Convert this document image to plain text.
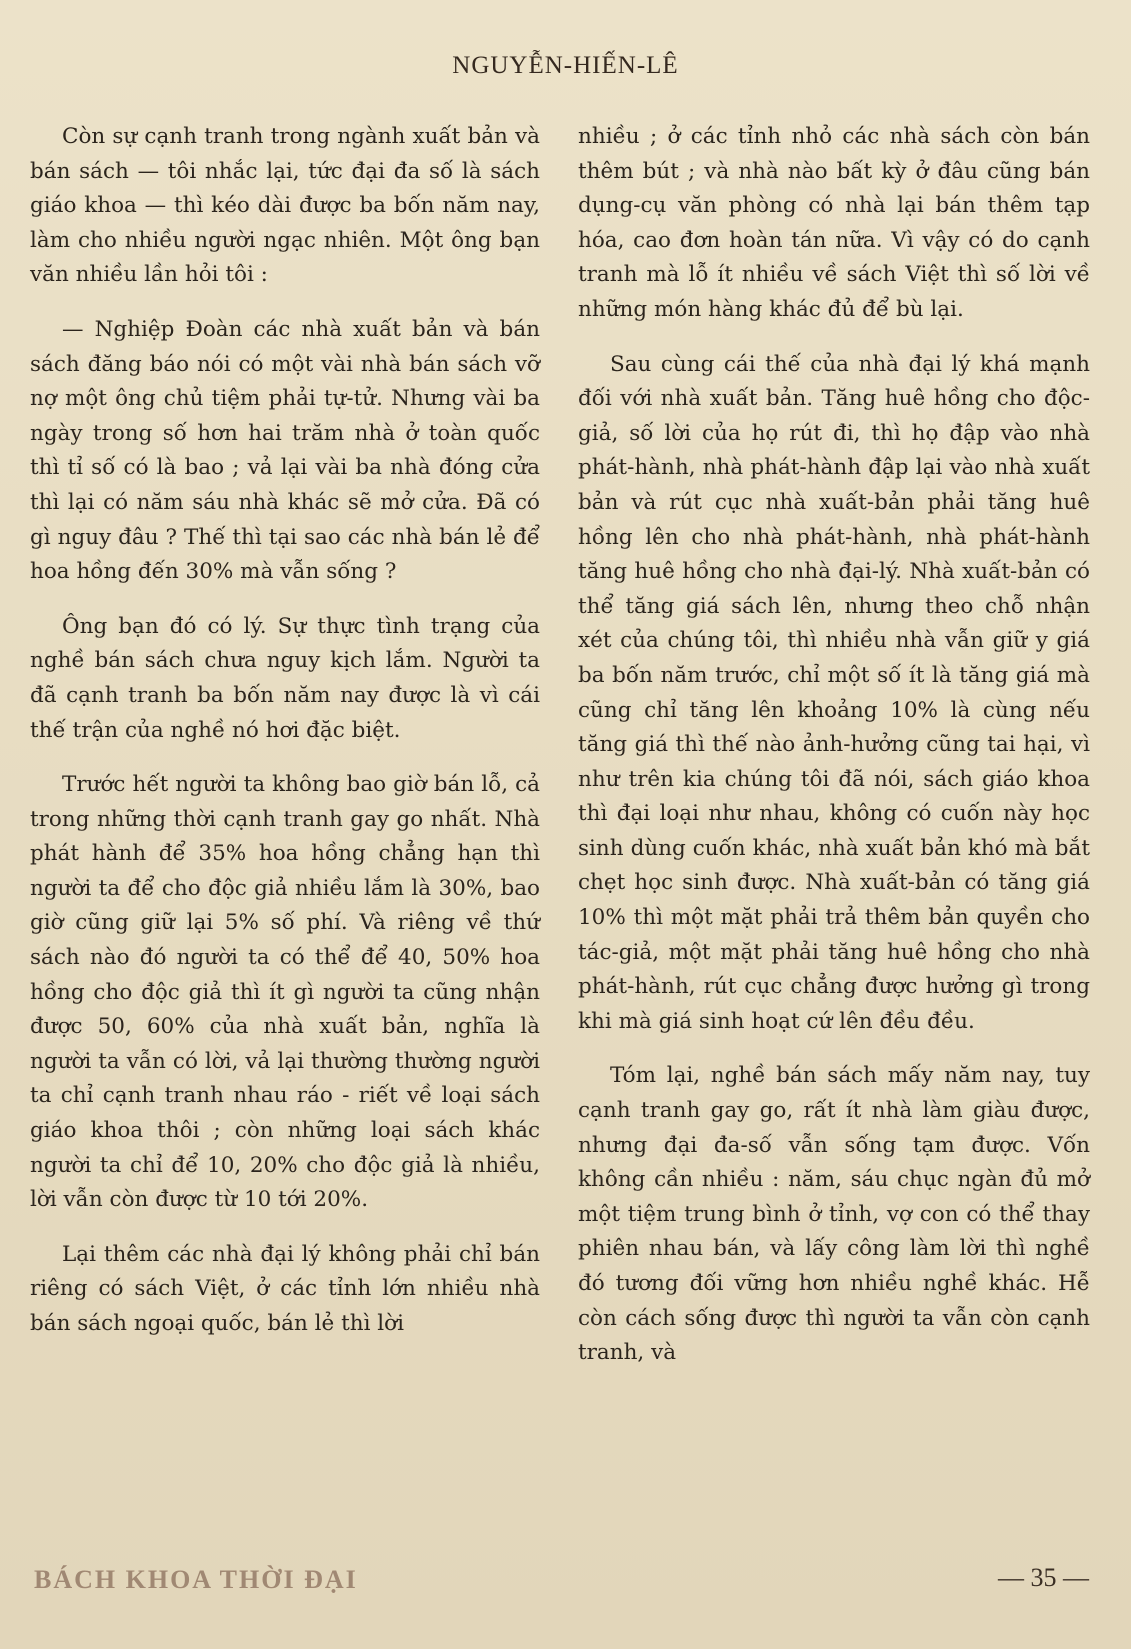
NGUYỄN-HIẾN-LÊ

Còn sự cạnh tranh trong ngành xuất bản và bán sách — tôi nhắc lại, tức đại đa số là sách giáo khoa — thì kéo dài được ba bốn năm nay, làm cho nhiều người ngạc nhiên. Một ông bạn văn nhiều lần hỏi tôi :

— Nghiệp Đoàn các nhà xuất bản và bán sách đăng báo nói có một vài nhà bán sách vỡ nợ một ông chủ tiệm phải tự-tử. Nhưng vài ba ngày trong số hơn hai trăm nhà ở toàn quốc thì tỉ số có là bao ; vả lại vài ba nhà đóng cửa thì lại có năm sáu nhà khác sẽ mở cửa. Đã có gì nguy đâu ? Thế thì tại sao các nhà bán lẻ để hoa hồng đến 30% mà vẫn sống ?

Ông bạn đó có lý. Sự thực tình trạng của nghề bán sách chưa nguy kịch lắm. Người ta đã cạnh tranh ba bốn năm nay được là vì cái thế trận của nghề nó hơi đặc biệt.

Trước hết người ta không bao giờ bán lỗ, cả trong những thời cạnh tranh gay go nhất. Nhà phát hành để 35% hoa hồng chẳng hạn thì người ta để cho độc giả nhiều lắm là 30%, bao giờ cũng giữ lại 5% số phí. Và riêng về thứ sách nào đó người ta có thể để 40, 50% hoa hồng cho độc giả thì ít gì người ta cũng nhận được 50, 60% của nhà xuất bản, nghĩa là người ta vẫn có lời, vả lại thường thường người ta chỉ cạnh tranh nhau ráo - riết về loại sách giáo khoa thôi ; còn những loại sách khác người ta chỉ để 10, 20% cho độc giả là nhiều, lời vẫn còn được từ 10 tới 20%.

Lại thêm các nhà đại lý không phải chỉ bán riêng có sách Việt, ở các tỉnh lớn nhiều nhà bán sách ngoại quốc, bán lẻ thì lời

nhiều ; ở các tỉnh nhỏ các nhà sách còn bán thêm bút ; và nhà nào bất kỳ ở đâu cũng bán dụng-cụ văn phòng có nhà lại bán thêm tạp hóa, cao đơn hoàn tán nữa. Vì vậy có do cạnh tranh mà lỗ ít nhiều về sách Việt thì số lời về những món hàng khác đủ để bù lại.

Sau cùng cái thế của nhà đại lý khá mạnh đối với nhà xuất bản. Tăng huê hồng cho độc-giả, số lời của họ rút đi, thì họ đập vào nhà phát-hành, nhà phát-hành đập lại vào nhà xuất bản và rút cục nhà xuất-bản phải tăng huê hồng lên cho nhà phát-hành, nhà phát-hành tăng huê hồng cho nhà đại-lý. Nhà xuất-bản có thể tăng giá sách lên, nhưng theo chỗ nhận xét của chúng tôi, thì nhiều nhà vẫn giữ y giá ba bốn năm trước, chỉ một số ít là tăng giá mà cũng chỉ tăng lên khoảng 10% là cùng nếu tăng giá thì thế nào ảnh-hưởng cũng tai hại, vì như trên kia chúng tôi đã nói, sách giáo khoa thì đại loại như nhau, không có cuốn này học sinh dùng cuốn khác, nhà xuất bản khó mà bắt chẹt học sinh được. Nhà xuất-bản có tăng giá 10% thì một mặt phải trả thêm bản quyền cho tác-giả, một mặt phải tăng huê hồng cho nhà phát-hành, rút cục chẳng được hưởng gì trong khi mà giá sinh hoạt cứ lên đều đều.

Tóm lại, nghề bán sách mấy năm nay, tuy cạnh tranh gay go, rất ít nhà làm giàu được, nhưng đại đa-số vẫn sống tạm được. Vốn không cần nhiều : năm, sáu chục ngàn đủ mở một tiệm trung bình ở tỉnh, vợ con có thể thay phiên nhau bán, và lấy công làm lời thì nghề đó tương đối vững hơn nhiều nghề khác. Hễ còn cách sống được thì người ta vẫn còn cạnh tranh, và

BÁCH KHOA THỜI ĐẠI	— 35 —
